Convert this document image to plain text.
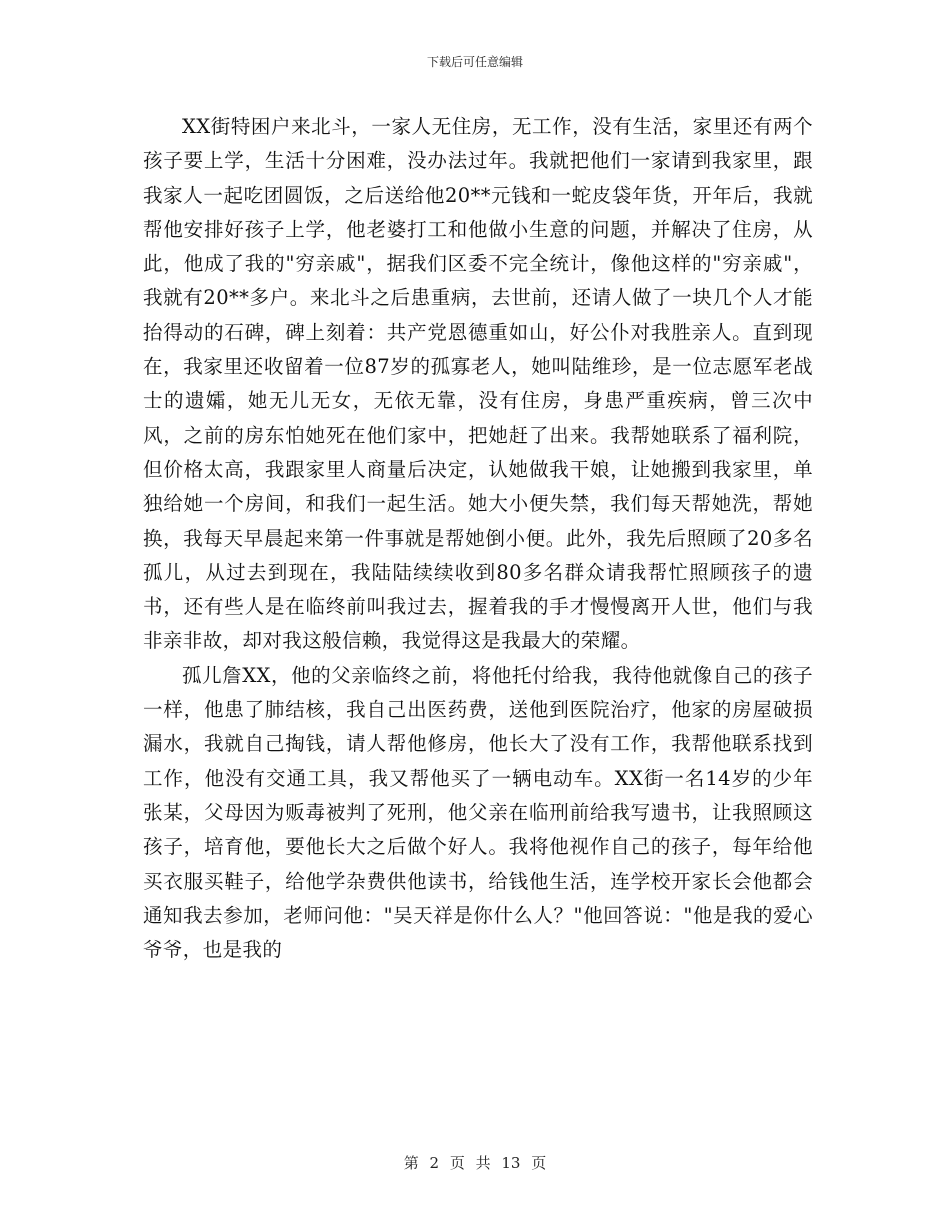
下载后可任意编辑

XX街特困户来北斗，一家人无住房，无工作，没有生活，家里还有两个孩子要上学，生活十分困难，没办法过年。我就把他们一家请到我家里，跟我家人一起吃团圆饭，之后送给他20**元钱和一蛇皮袋年货，开年后，我就帮他安排好孩子上学，他老婆打工和他做小生意的问题，并解决了住房，从此，他成了我的"穷亲戚"，据我们区委不完全统计，像他这样的"穷亲戚"，我就有20**多户。来北斗之后患重病，去世前，还请人做了一块几个人才能抬得动的石碑，碑上刻着：共产党恩德重如山，好公仆对我胜亲人。直到现在，我家里还收留着一位87岁的孤寡老人，她叫陆维珍，是一位志愿军老战士的遗孀，她无儿无女，无依无靠，没有住房，身患严重疾病，曾三次中风，之前的房东怕她死在他们家中，把她赶了出来。我帮她联系了福利院，但价格太高，我跟家里人商量后决定，认她做我干娘，让她搬到我家里，单独给她一个房间，和我们一起生活。她大小便失禁，我们每天帮她洗，帮她换，我每天早晨起来第一件事就是帮她倒小便。此外，我先后照顾了20多名孤儿，从过去到现在，我陆陆续续收到80多名群众请我帮忙照顾孩子的遗书，还有些人是在临终前叫我过去，握着我的手才慢慢离开人世，他们与我非亲非故，却对我这般信赖，我觉得这是我最大的荣耀。

孤儿詹XX，他的父亲临终之前，将他托付给我，我待他就像自己的孩子一样，他患了肺结核，我自己出医药费，送他到医院治疗，他家的房屋破损漏水，我就自己掏钱，请人帮他修房，他长大了没有工作，我帮他联系找到工作，他没有交通工具，我又帮他买了一辆电动车。XX街一名14岁的少年张某，父母因为贩毒被判了死刑，他父亲在临刑前给我写遗书，让我照顾这孩子，培育他，要他长大之后做个好人。我将他视作自己的孩子，每年给他买衣服买鞋子，给他学杂费供他读书，给钱他生活，连学校开家长会他都会通知我去参加，老师问他："吴天祥是你什么人？"他回答说："他是我的爱心爷爷，也是我的

第 2 页 共 13 页
